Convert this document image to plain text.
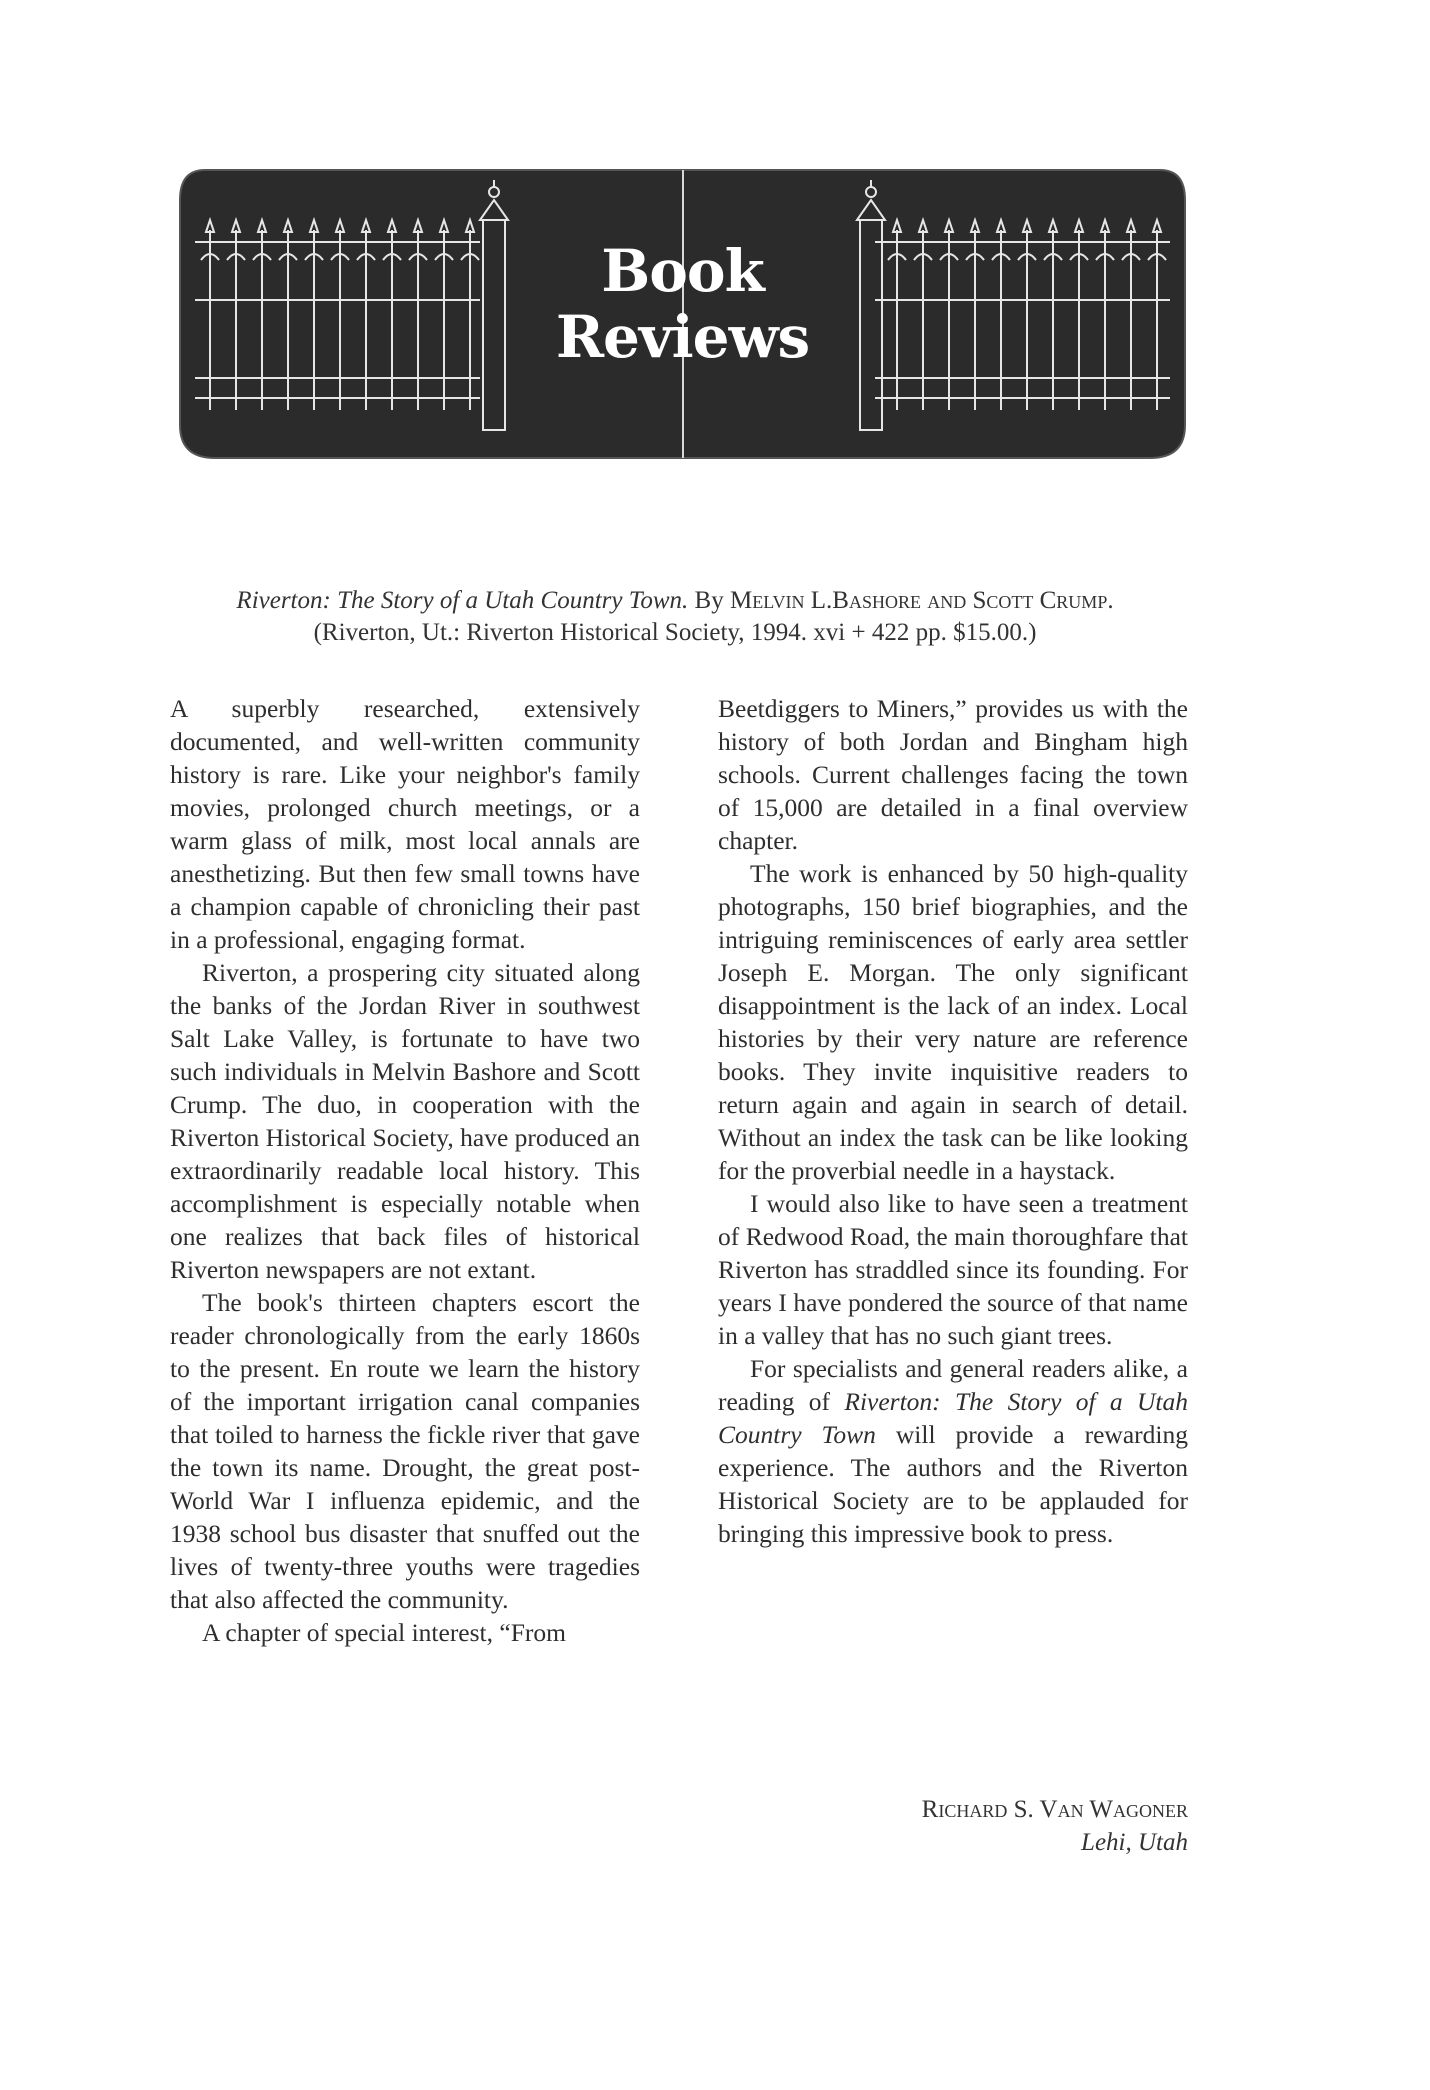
Book
Reviews
Riverton: The Story of a Utah Country Town. By Melvin L.Bashore and Scott Crump.
(Riverton, Ut.: Riverton Historical Society, 1994. xvi + 422 pp. $15.00.)

A superbly researched, extensively documented, and well-written community history is rare. Like your neighbor's family movies, prolonged church meetings, or a warm glass of milk, most local annals are anesthetizing. But then few small towns have a champion capable of chronicling their past in a professional, engaging format.

Riverton, a prospering city situated along the banks of the Jordan River in southwest Salt Lake Valley, is fortunate to have two such individuals in Melvin Bashore and Scott Crump. The duo, in cooperation with the Riverton Historical Society, have produced an extraordinarily readable local history. This accomplishment is especially notable when one realizes that back files of historical Riverton newspapers are not extant.

The book's thirteen chapters escort the reader chronologically from the early 1860s to the present. En route we learn the history of the important irrigation canal companies that toiled to harness the fickle river that gave the town its name. Drought, the great post-World War I influenza epidemic, and the 1938 school bus disaster that snuffed out the lives of twenty-three youths were tragedies that also affected the community.

A chapter of special interest, “From

Beetdiggers to Miners,” provides us with the history of both Jordan and Bingham high schools. Current challenges facing the town of 15,000 are detailed in a final overview chapter.

The work is enhanced by 50 high-quality photographs, 150 brief biographies, and the intriguing reminiscences of early area settler Joseph E. Morgan. The only significant disappointment is the lack of an index. Local histories by their very nature are reference books. They invite inquisitive readers to return again and again in search of detail. Without an index the task can be like looking for the proverbial needle in a haystack.

I would also like to have seen a treatment of Redwood Road, the main thoroughfare that Riverton has straddled since its founding. For years I have pondered the source of that name in a valley that has no such giant trees.

For specialists and general readers alike, a reading of Riverton: The Story of a Utah Country Town will provide a rewarding experience. The authors and the Riverton Historical Society are to be applauded for bringing this impressive book to press.

Richard S. Van Wagoner
Lehi, Utah
